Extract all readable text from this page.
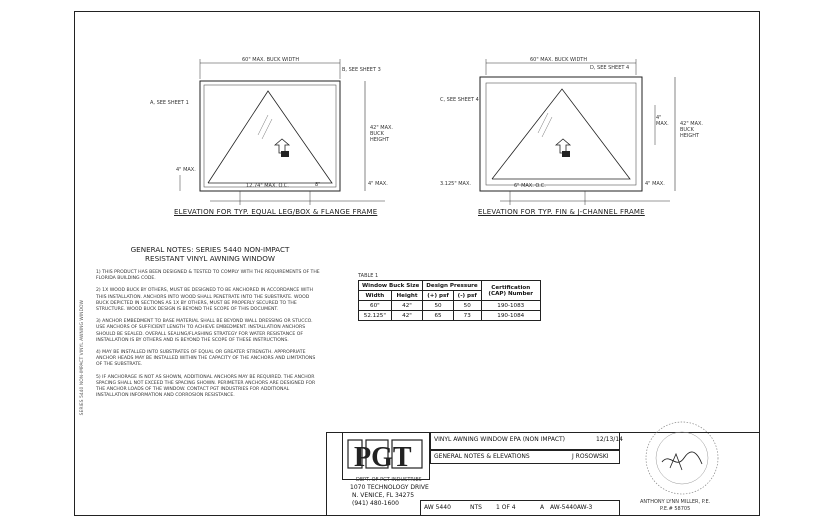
60" MAX. BUCK WIDTH
B, SEE SHEET 3
A, SEE SHEET 1
4" MAX.
42" MAX. BUCK HEIGHT
12.74" MAX. O.C.	8"	4" MAX.
ELEVATION FOR TYP. EQUAL LEG/BOX & FLANGE FRAME
60" MAX. BUCK WIDTH
D, SEE SHEET 4
C, SEE SHEET 4
3.125" MAX.
42" MAX. BUCK HEIGHT
4" MAX.
6" MAX. O.C.	4" MAX.
ELEVATION FOR TYP. FIN & J-CHANNEL FRAME
GENERAL NOTES: SERIES 5440 NON-IMPACT RESISTANT VINYL AWNING WINDOW
1) THIS PRODUCT HAS BEEN DESIGNED & TESTED TO COMPLY WITH THE REQUIREMENTS OF THE FLORIDA BUILDING CODE.
2) 1X WOOD BUCK BY OTHERS, MUST BE DESIGNED TO BE ANCHORED IN ACCORDANCE WITH THIS INSTALLATION. ANCHORS INTO WOOD SHALL PENETRATE INTO THE SUBSTRATE. WOOD BUCK DEPICTED IN SECTIONS AS 1X BY OTHERS, MUST BE PROPERLY SECURED TO THE STRUCTURE. WOOD BUCK DESIGN IS BEYOND THE SCOPE OF THIS DOCUMENT.
3) ANCHOR EMBEDMENT TO BASE MATERIAL SHALL BE BEYOND WALL DRESSING OR STUCCO. USE ANCHORS OF SUFFICIENT LENGTH TO ACHIEVE EMBEDMENT. INSTALLATION ANCHORS SHOULD BE SEALED. OVERALL SEALING/FLASHING STRATEGY FOR WATER RESISTANCE OF INSTALLATION IS BY OTHERS AND IS BEYOND THE SCOPE OF THESE INSTRUCTIONS.
4) MAY BE INSTALLED INTO SUBSTRATES OF EQUAL OR GREATER STRENGTH. APPROPRIATE ANCHOR HEADS MAY BE INSTALLED WITHIN THE CAPACITY OF THE ANCHORS AND LIMITATIONS OF THE SUBSTRATE.
5) IF ANCHORAGE IS NOT AS SHOWN, ADDITIONAL ANCHORS MAY BE REQUIRED. THE ANCHOR SPACING SHALL NOT EXCEED THE SPACING SHOWN. PERIMETER ANCHORS ARE DESIGNED FOR THE ANCHOR LOADS OF THE WINDOW. CONTACT PGT INDUSTRIES FOR ADDITIONAL INSTALLATION INFORMATION AND CORROSION RESISTANCE.
TABLE 1
Window Buck Size		Design Pressure		Certification (CAP) Number
Width	Height	(+) psf	(-) psf	
60"	42"	50	50	190-1083
52.125"	42"	65	73	190-1084
SERIES 5440 NON-IMPACT VINYL AWNING WINDOW
PGT
DEPT. OF PGT INDUSTRIES
1070 TECHNOLOGY DRIVE
N. VENICE, FL 34275
(941) 480-1600
VINYL AWNING WINDOW EPA (NON IMPACT)	12/13/14
GENERAL NOTES & ELEVATIONS	J ROSOWSKI
AW 5440	NTS 1 OF 4	A AW-5440AW-3
ANTHONY LYNN MILLER, P.E.
P.E.# 58705
